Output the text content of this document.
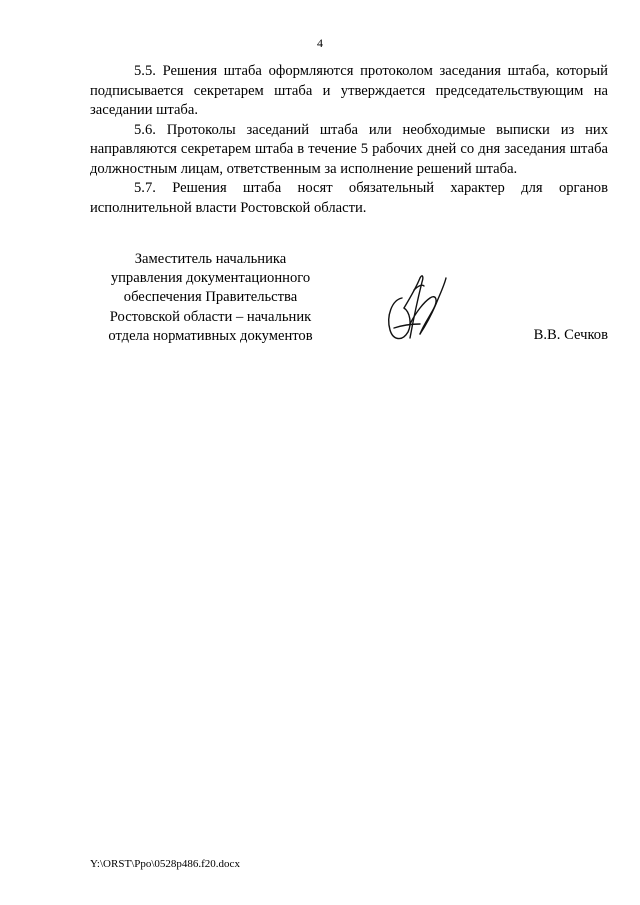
4

5.5. Решения штаба оформляются протоколом заседания штаба, который подписывается секретарем штаба и утверждается председательствующим на заседании штаба.

5.6. Протоколы заседаний штаба или необходимые выписки из них направляются секретарем штаба в течение 5 рабочих дней со дня заседания штаба должностным лицам, ответственным за исполнение решений штаба.

5.7. Решения штаба носят обязательный характер для органов исполнительной власти Ростовской области.

Заместитель начальника
управления документационного
обеспечения Правительства
Ростовской области – начальник
отдела нормативных документов	В.В. Сечков
Y:\ORST\Ppo\0528p486.f20.docx
